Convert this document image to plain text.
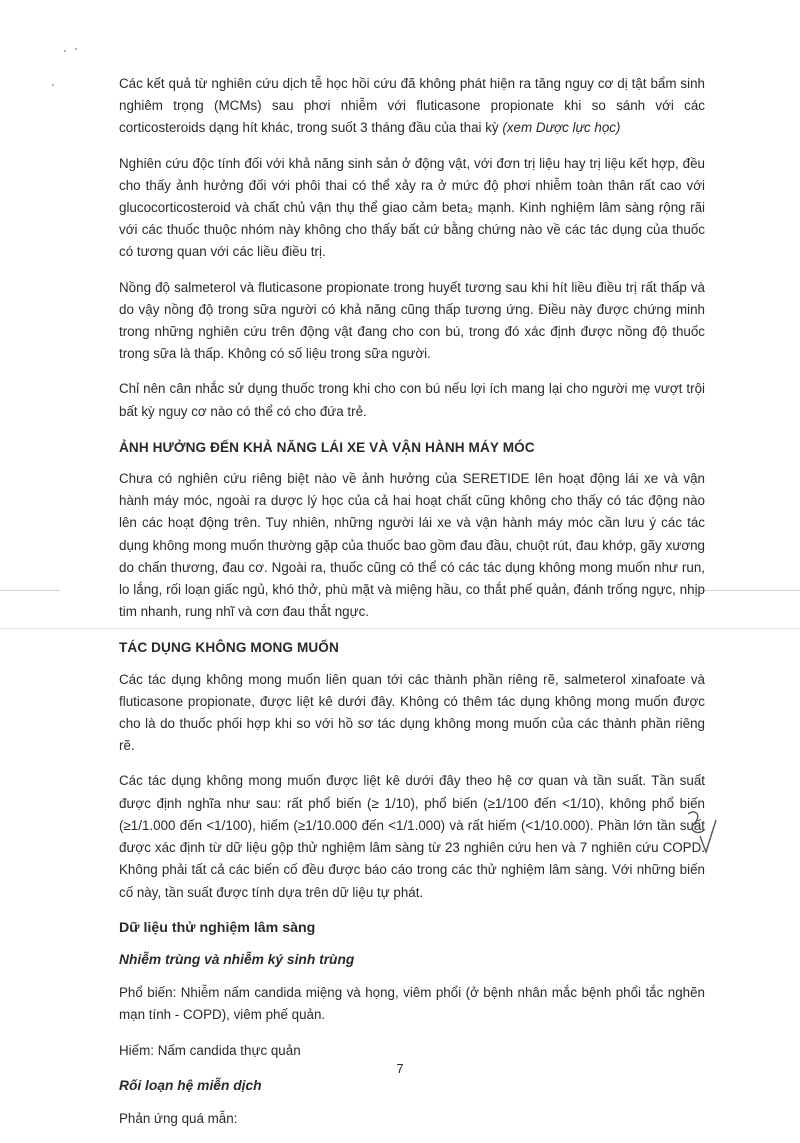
Các kết quả từ nghiên cứu dịch tễ học hồi cứu đã không phát hiện ra tăng nguy cơ dị tật bẩm sinh nghiêm trọng (MCMs) sau phơi nhiễm với fluticasone propionate khi so sánh với các corticosteroids dạng hít khác, trong suốt 3 tháng đầu của thai kỳ (xem Dược lực học)

Nghiên cứu độc tính đối với khả năng sinh sản ở động vật, với đơn trị liệu hay trị liệu kết hợp, đều cho thấy ảnh hưởng đối với phôi thai có thể xảy ra ở mức độ phơi nhiễm toàn thân rất cao với glucocorticosteroid và chất chủ vận thụ thể giao cảm beta₂ mạnh. Kinh nghiệm lâm sàng rộng rãi với các thuốc thuộc nhóm này không cho thấy bất cứ bằng chứng nào về các tác dụng của thuốc có tương quan với các liều điều trị.

Nồng độ salmeterol và fluticasone propionate trong huyết tương sau khi hít liều điều trị rất thấp và do vậy nồng độ trong sữa người có khả năng cũng thấp tương ứng. Điều này được chứng minh trong những nghiên cứu trên động vật đang cho con bú, trong đó xác định được nồng độ thuốc trong sữa là thấp. Không có số liệu trong sữa người.

Chỉ nên cân nhắc sử dụng thuốc trong khi cho con bú nếu lợi ích mang lại cho người mẹ vượt trội bất kỳ nguy cơ nào có thể có cho đứa trẻ.

ẢNH HƯỞNG ĐẾN KHẢ NĂNG LÁI XE VÀ VẬN HÀNH MÁY MÓC

Chưa có nghiên cứu riêng biệt nào về ảnh hưởng của SERETIDE lên hoạt động lái xe và vận hành máy móc, ngoài ra dược lý học của cả hai hoạt chất cũng không cho thấy có tác động nào lên các hoạt động trên. Tuy nhiên, những người lái xe và vận hành máy móc cần lưu ý các tác dụng không mong muốn thường gặp của thuốc bao gồm đau đầu, chuột rút, đau khớp, gãy xương do chấn thương, đau cơ. Ngoài ra, thuốc cũng có thể có các tác dụng không mong muốn như run, lo lắng, rối loạn giấc ngủ, khó thở, phù mặt và miệng hầu, co thắt phế quản, đánh trống ngực, nhịp tim nhanh, rung nhĩ và cơn đau thắt ngực.

TÁC DỤNG KHÔNG MONG MUỐN

Các tác dụng không mong muốn liên quan tới các thành phần riêng rẽ, salmeterol xinafoate và fluticasone propionate, được liệt kê dưới đây. Không có thêm tác dụng không mong muốn được cho là do thuốc phối hợp khi so với hồ sơ tác dụng không mong muốn của các thành phần riêng rẽ.

Các tác dụng không mong muốn được liệt kê dưới đây theo hệ cơ quan và tần suất. Tần suất được định nghĩa như sau: rất phổ biến (≥ 1/10), phổ biến (≥1/100 đến <1/10), không phổ biến (≥1/1.000 đến <1/100), hiếm (≥1/10.000 đến <1/1.000) và rất hiếm (<1/10.000). Phần lớn tần suất được xác định từ dữ liệu gộp thử nghiệm lâm sàng từ 23 nghiên cứu hen và 7 nghiên cứu COPD. Không phải tất cả các biến cố đều được báo cáo trong các thử nghiệm lâm sàng. Với những biến cố này, tần suất được tính dựa trên dữ liệu tự phát.

Dữ liệu thử nghiệm lâm sàng
Nhiễm trùng và nhiễm ký sinh trùng

Phổ biến: Nhiễm nấm candida miệng và họng, viêm phổi (ở bệnh nhân mắc bệnh phổi tắc nghẽn mạn tính - COPD), viêm phế quản.

Hiếm: Nấm candida thực quản

Rối loạn hệ miễn dịch

Phản ứng quá mẫn:

7
